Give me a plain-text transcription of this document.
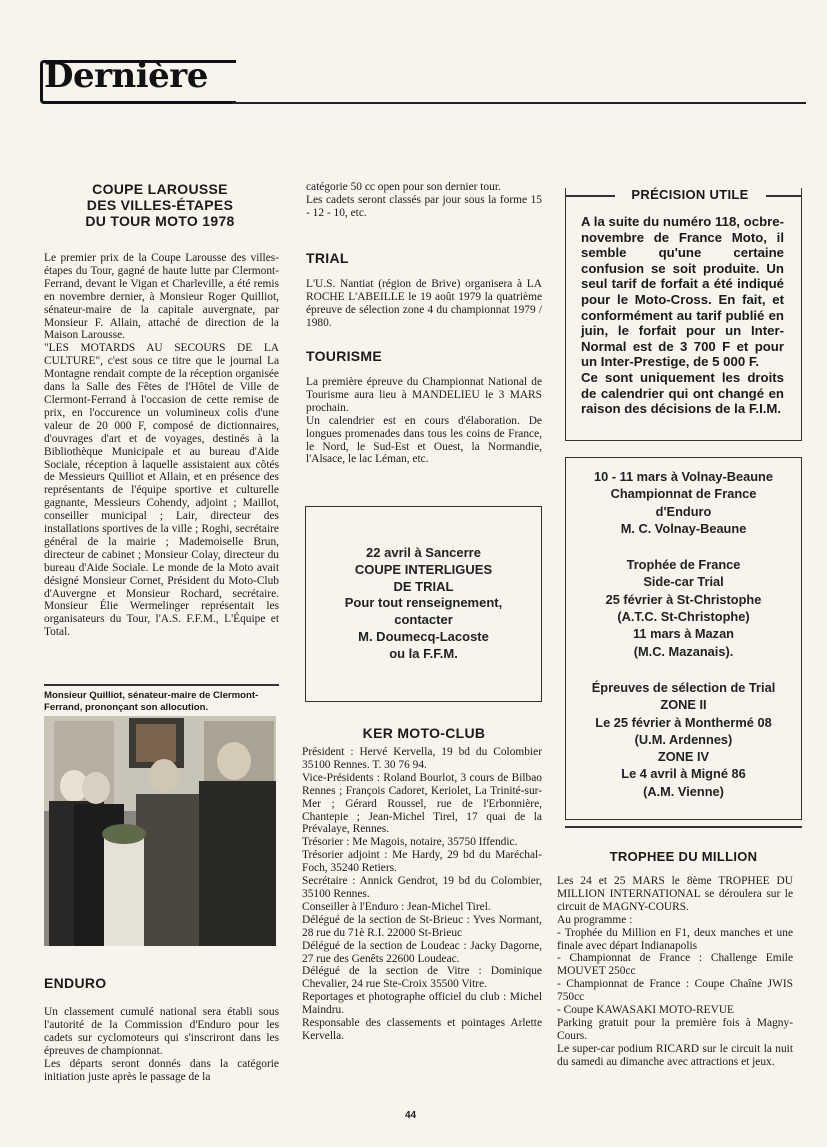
Dernière
COUPE LAROUSSE
DES VILLES-ÉTAPES
DU TOUR MOTO 1978

Le premier prix de la Coupe Larousse des villes-étapes du Tour, gagné de haute lutte par Clermont-Ferrand, devant le Vigan et Charleville, a été remis en novembre dernier, à Monsieur Roger Quilliot, sénateur-maire de la capitale auvergnate, par Monsieur F. Allain, attaché de direction de la Maison Larousse.

"LES MOTARDS AU SECOURS DE LA CULTURE", c'est sous ce titre que le journal La Montagne rendait compte de la réception organisée dans la Salle des Fêtes de l'Hôtel de Ville de Clermont-Ferrand à l'occasion de cette remise de prix, en l'occurence un volumineux colis d'une valeur de 20 000 F, composé de dictionnaires, d'ouvrages d'art et de voyages, destinés à la Bibliothèque Municipale et au bureau d'Aide Sociale, réception à laquelle assistaient aux côtés de Messieurs Quilliot et Allain, et en présence des représentants de l'équipe sportive et culturelle gagnante, Messieurs Cohendy, adjoint ; Maillot, conseiller municipal ; Lair, directeur des installations sportives de la ville ; Roghi, secrétaire général de la mairie ; Mademoiselle Brun, directeur de cabinet ; Monsieur Colay, directeur du bureau d'Aide Sociale. Le monde de la Moto avait désigné Monsieur Cornet, Président du Moto-Club d'Auvergne et Monsieur Rochard, secrétaire. Monsieur Élie Wermelinger représentait les organisateurs du Tour, l'A.S. F.F.M., L'Équipe et Total.

Monsieur Quilliot, sénateur-maire de Clermont-Ferrand, prononçant son allocution.
ENDURO

Un classement cumulé national sera établi sous l'autorité de la Commission d'Enduro pour les cadets sur cyclomoteurs qui s'inscriront dans les épreuves de championnat.

Les départs seront donnés dans la catégorie initiation juste après le passage de la

catégorie 50 cc open pour son dernier tour.

Les cadets seront classés par jour sous la forme 15 - 12 - 10, etc.

TRIAL
L'U.S. Nantiat (région de Brive) organisera à LA ROCHE L'ABEILLE le 19 août 1979 la quatrième épreuve de sélection zone 4 du championnat 1979 / 1980.
TOURISME

La première épreuve du Championnat National de Tourisme aura lieu à MANDELIEU le 3 MARS prochain.

Un calendrier est en cours d'élaboration. De longues promenades dans tous les coins de France, le Nord, le Sud-Est et Ouest, la Normandie, l'Alsace, le lac Léman, etc.

22 avril à Sancerre
COUPE INTERLIGUES
DE TRIAL
Pour tout renseignement,
contacter
M. Doumecq-Lacoste
ou la F.F.M.
KER MOTO-CLUB

Président : Hervé Kervella, 19 bd du Colombier 35100 Rennes. T. 30 76 94.

Vice-Présidents : Roland Bourlot, 3 cours de Bilbao Rennes ; François Cadoret, Keriolet, La Trinité-sur-Mer ; Gérard Roussel, rue de l'Erbonnière, Chantepie ; Jean-Michel Tirel, 17 quai de la Prévalaye, Rennes.

Trésorier : Me Magois, notaire, 35750 Iffendic.

Trésorier adjoint : Me Hardy, 29 bd du Maréchal-Foch, 35240 Retiers.

Secrétaire : Annick Gendrot, 19 bd du Colombier, 35100 Rennes.

Conseiller à l'Enduro : Jean-Michel Tirel.

Délégué de la section de St-Brieuc : Yves Normant, 28 rue du 71è R.I. 22000 St-Brieuc

Délégué de la section de Loudeac : Jacky Dagorne, 27 rue des Genêts 22600 Loudeac.

Délégué de la section de Vitre : Dominique Chevalier, 24 rue Ste-Croix 35500 Vitre.

Reportages et photographe officiel du club : Michel Maindru.

Responsable des classements et pointages Arlette Kervella.

PRÉCISION UTILE

A la suite du numéro 118, ocbre-novembre de France Moto, il semble qu'une certaine confusion se soit produite. Un seul tarif de forfait a été indiqué pour le Moto-Cross. En fait, et conformément au tarif publié en juin, le forfait pour un Inter-Normal est de 3 700 F et pour un Inter-Prestige, de 5 000 F.

Ce sont uniquement les droits de calendrier qui ont changé en raison des décisions de la F.I.M.

10 - 11 mars à Volnay-Beaune
Championnat de France
d'Enduro
M. C. Volnay-Beaune
Trophée de France
Side-car Trial
25 février à St-Christophe
(A.T.C. St-Christophe)
11 mars à Mazan
(M.C. Mazanais).
Épreuves de sélection de Trial
ZONE II
Le 25 février à Monthermé 08
(U.M. Ardennes)
ZONE IV
Le 4 avril à Migné 86
(A.M. Vienne)
TROPHEE DU MILLION

Les 24 et 25 MARS le 8ème TROPHEE DU MILLION INTERNATIONAL se déroulera sur le circuit de MAGNY-COURS.

Au programme :

- Trophée du Million en F1, deux manches et une finale avec départ Indianapolis

- Championnat de France : Challenge Emile MOUVET 250cc

- Championnat de France : Coupe Chaîne JWIS 750cc

- Coupe KAWASAKI MOTO-REVUE

Parking gratuit pour la première fois à Magny-Cours.

Le super-car podium RICARD sur le circuit la nuit du samedi au dimanche avec attractions et jeux.

44
